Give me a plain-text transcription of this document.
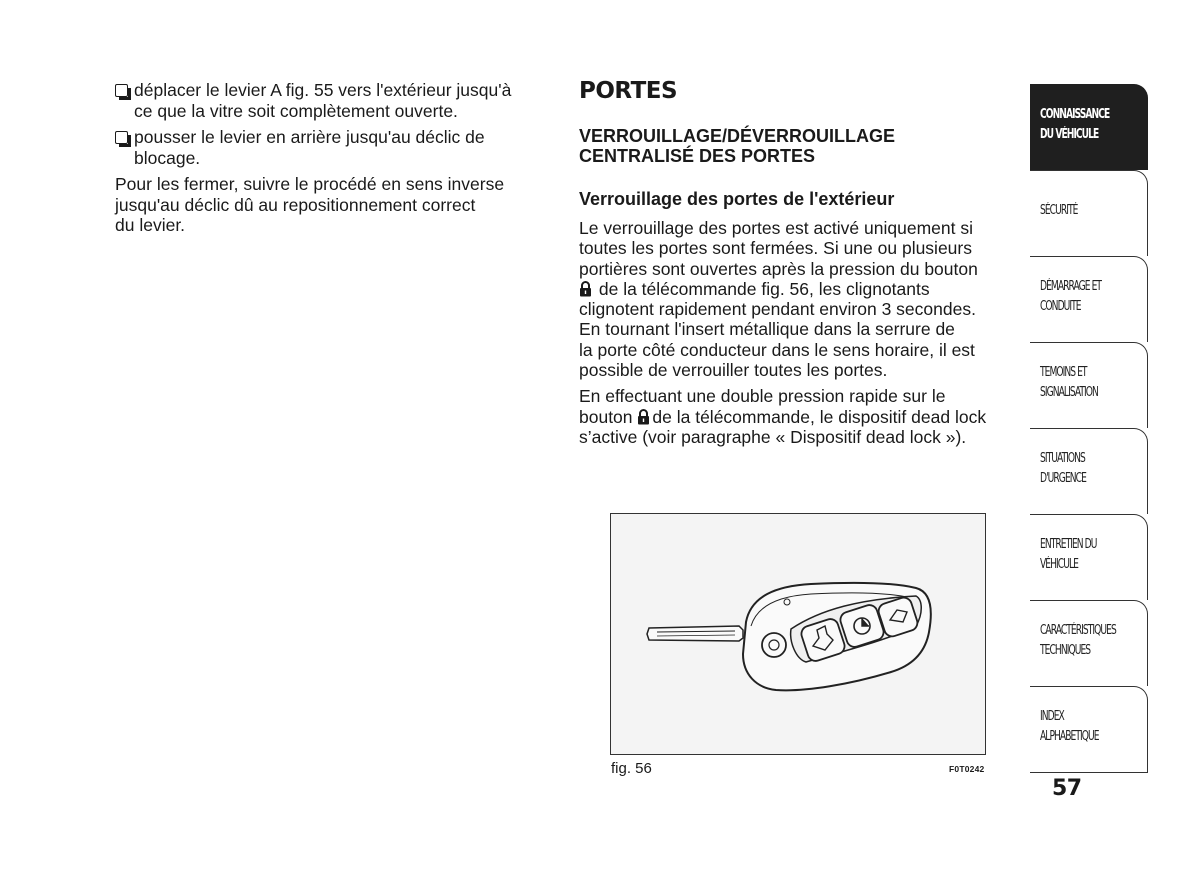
déplacer le levier A fig. 55 vers l'extérieur jusqu'à
ce que la vitre soit complètement ouverte.
pousser le levier en arrière jusqu'au déclic de
blocage.
Pour les fermer, suivre le procédé en sens inverse
jusqu'au déclic dû au repositionnement correct
du levier.
PORTES
VERROUILLAGE/DÉVERROUILLAGE
CENTRALISÉ DES PORTES
Verrouillage des portes de l'extérieur

Le verrouillage des portes est activé uniquement si
toutes les portes sont fermées. Si une ou plusieurs
portières sont ouvertes après la pression du bouton
de la télécommande fig. 56, les clignotants
clignotent rapidement pendant environ 3 secondes.
En tournant l'insert métallique dans la serrure de
la porte côté conducteur dans le sens horaire, il est
possible de verrouiller toutes les portes.

En effectuant une double pression rapide sur le
bouton de la télécommande, le dispositif dead lock
s’active (voir paragraphe « Dispositif dead lock »).

fig. 56	F0T0242
CONNAISSANCE
DU VÉHICULE
SÉCURITÉ
DÉMARRAGE ET
CONDUITE
TEMOINS ET
SIGNALISATION
SITUATIONS
D'URGENCE
ENTRETIEN DU
VÉHICULE
CARACTÉRISTIQUES
TECHNIQUES
INDEX
ALPHABETIQUE
57
